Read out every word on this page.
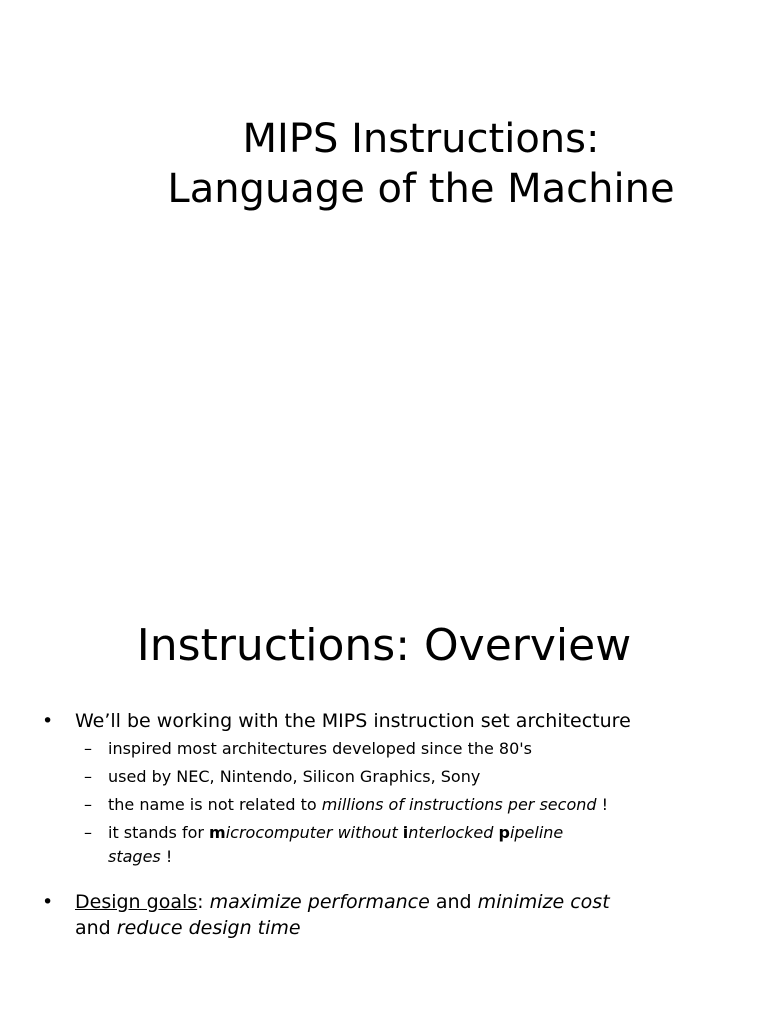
MIPS Instructions:
Language of the Machine
Instructions: Overview
• We’ll be working with the MIPS instruction set architecture
– inspired most architectures developed since the 80's
– used by NEC, Nintendo, Silicon Graphics, Sony
– the name is not related to millions of instructions per second !
– it stands for microcomputer without interlocked pipeline
stages !
• Design goals: maximize performance and minimize cost
and reduce design time
